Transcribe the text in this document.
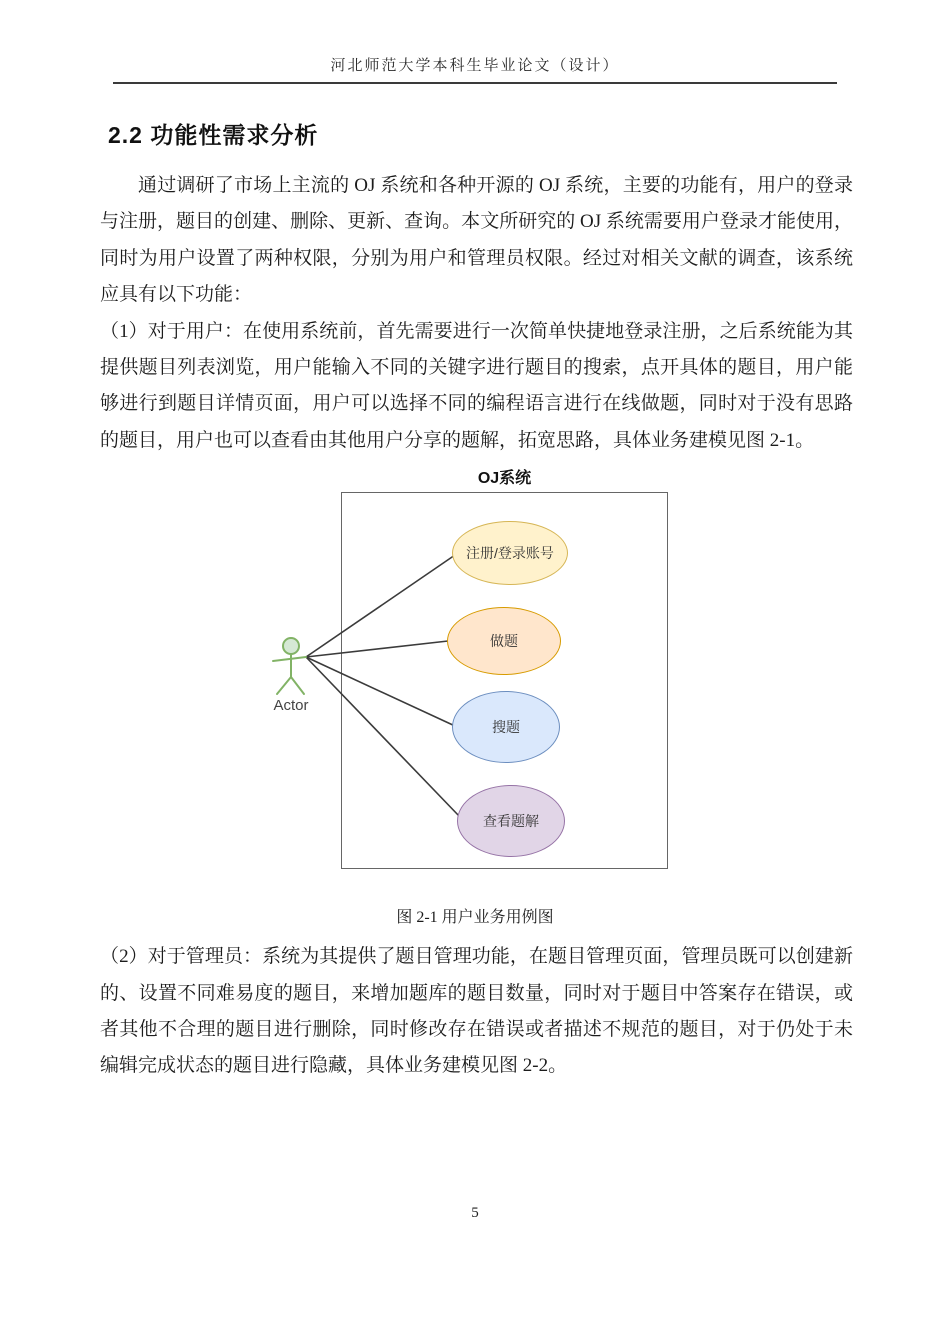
河北师范大学本科生毕业论文（设计）
2.2 功能性需求分析

通过调研了市场上主流的 OJ 系统和各种开源的 OJ 系统，主要的功能有，用户的登录与注册，题目的创建、删除、更新、查询。本文所研究的 OJ 系统需要用户登录才能使用，同时为用户设置了两种权限，分别为用户和管理员权限。经过对相关文献的调查，该系统应具有以下功能：

（1）对于用户：在使用系统前，首先需要进行一次简单快捷地登录注册，之后系统能为其提供题目列表浏览，用户能输入不同的关键字进行题目的搜索，点开具体的题目，用户能够进行到题目详情页面，用户可以选择不同的编程语言进行在线做题，同时对于没有思路的题目，用户也可以查看由其他用户分享的题解，拓宽思路，具体业务建模见图 2-1。

OJ系统
注册/登录账号
做题
搜题
查看题解
Actor
图 2-1 用户业务用例图

（2）对于管理员：系统为其提供了题目管理功能，在题目管理页面，管理员既可以创建新的、设置不同难易度的题目，来增加题库的题目数量，同时对于题目中答案存在错误，或者其他不合理的题目进行删除，同时修改存在错误或者描述不规范的题目，对于仍处于未编辑完成状态的题目进行隐藏，具体业务建模见图 2-2。

5
